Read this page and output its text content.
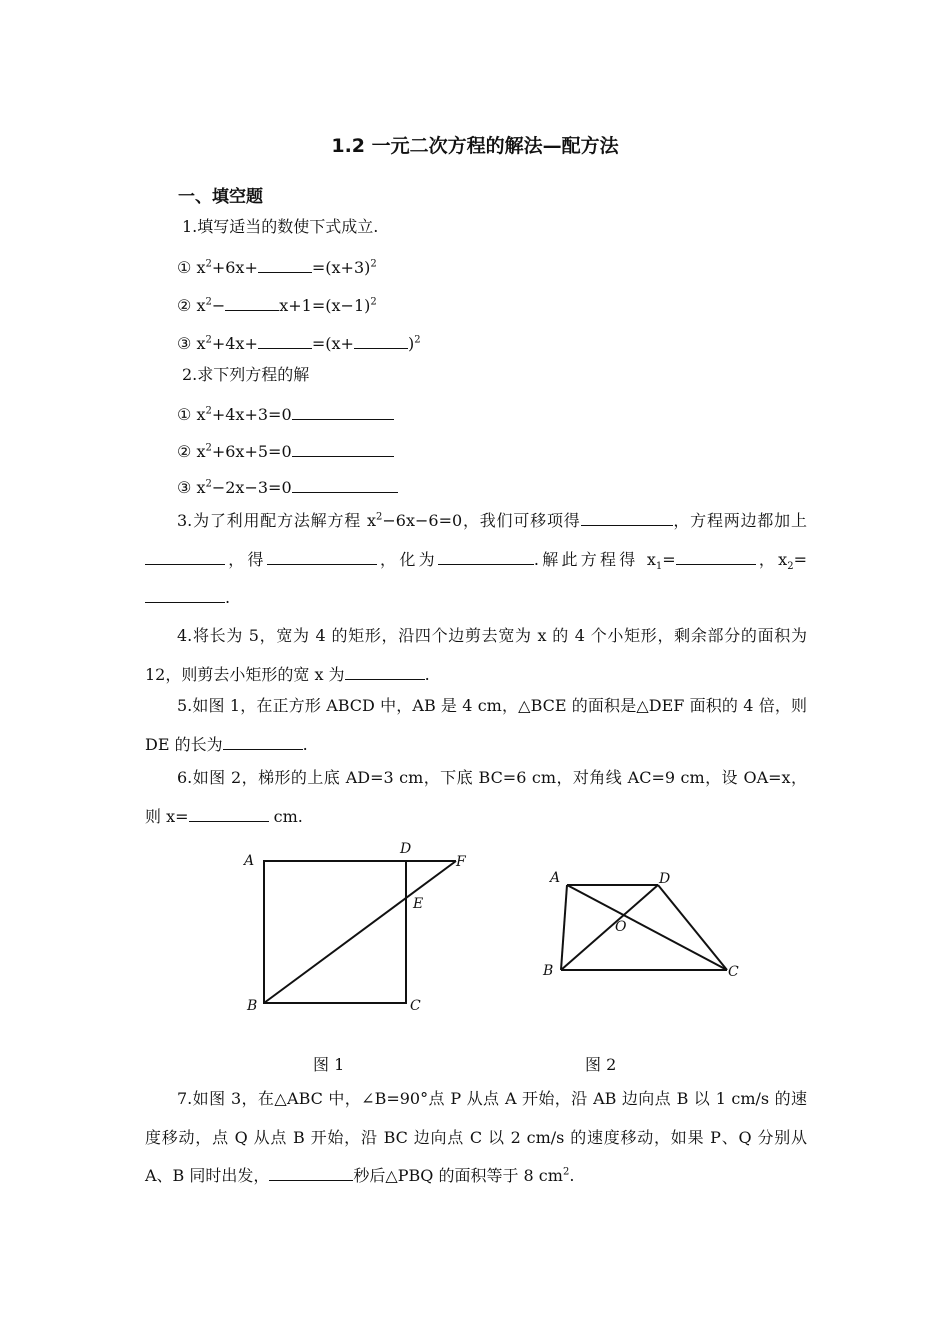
1.2 一元二次方程的解法—配方法
一、填空题
1.填写适当的数使下式成立.
① $x^2+6x+$	$=(x+3)^2$
② $x^2-$	$x+1=(x-1)^2$
③ $x^2+4x+$	=(x+	)$^2$
2.求下列方程的解
① $x^2+4x+3=0$
② $x^2+6x+5=0$
③ $x^2-2x-3=0$
3.为了利用配方法解方程 $x^2-6x-6=0$，我们可移项得	，方程两边都加上，得	，化为	.解此方程得 $x_1=$	，$x_2=$.
4.将长为 5，宽为 4 的矩形，沿四个边剪去宽为 x 的 4 个小矩形，剩余部分的面积为 12，则剪去小矩形的宽 x 为	.
5.如图 1，在正方形 ABCD 中，AB 是 4 cm，△BCE 的面积是△DEF 面积的 4 倍，则 DE 的长为	.
6.如图 2，梯形的上底 AD=3 cm，下底 BC=6 cm，对角线 AC=9 cm，设 OA=x，则 x=	cm.
A
D
F
E
B	C
A	D
O
B	C
图 1	图 2
7.如图 3，在△ABC 中，∠B=90°点 P 从点 A 开始，沿 AB 边向点 B 以 1 cm/s 的速度移动，点 Q 从点 B 开始，沿 BC 边向点 C 以 2 cm/s 的速度移动，如果 P、Q 分别从 A、B 同时出发，	秒后△PBQ 的面积等于 8 $cm^2$.
